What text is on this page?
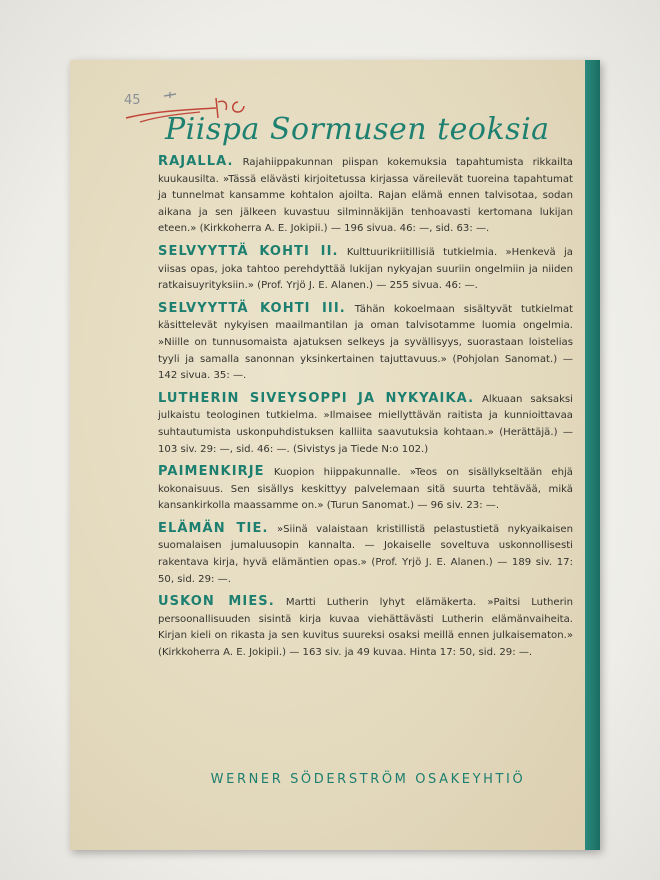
45
Piispa Sormusen teoksia

RAJALLA. Rajahiippakunnan piispan kokemuksia tapahtumista rikkailta kuukausilta. »Tässä elävästi kirjoitetussa kirjassa väreilevät tuoreina tapahtumat ja tunnelmat kansamme kohtalon ajoilta. Rajan elämä ennen talvisotaa, sodan aikana ja sen jälkeen kuvastuu silminnäkijän tenhoavasti kertomana lukijan eteen.» (Kirkkoherra A. E. Jokipii.) — 196 sivua. 46: —, sid. 63: —.

SELVYYTTÄ KOHTI II. Kulttuurikriitillisiä tutkielmia. »Henkevä ja viisas opas, joka tahtoo perehdyttää lukijan nykyajan suuriin ongelmiin ja niiden ratkaisuyrityksiin.» (Prof. Yrjö J. E. Alanen.) — 255 sivua. 46: —.

SELVYYTTÄ KOHTI III. Tähän kokoelmaan sisältyvät tutkielmat käsittelevät nykyisen maailmantilan ja oman talvisotamme luomia ongelmia. »Niille on tunnusomaista ajatuksen selkeys ja syvällisyys, suorastaan loistelias tyyli ja samalla sanonnan yksinkertainen tajuttavuus.» (Pohjolan Sanomat.) — 142 sivua. 35: —.

LUTHERIN SIVEYSOPPI JA NYKYAIKA. Alkuaan saksaksi julkaistu teologinen tutkielma. »Ilmaisee miellyttävän raitista ja kunnioittavaa suhtautumista uskonpuhdistuksen kalliita saavutuksia kohtaan.» (Herättäjä.) — 103 siv. 29: —, sid. 46: —. (Sivistys ja Tiede N:o 102.)

PAIMENKIRJE Kuopion hiippakunnalle. »Teos on sisällykseltään ehjä kokonaisuus. Sen sisällys keskittyy palvelemaan sitä suurta tehtävää, mikä kansankirkolla maassamme on.» (Turun Sanomat.) — 96 siv. 23: —.

ELÄMÄN TIE. »Siinä valaistaan kristillistä pelastustietä nykyaikaisen suomalaisen jumaluusopin kannalta. — Jokaiselle soveltuva uskonnollisesti rakentava kirja, hyvä elämäntien opas.» (Prof. Yrjö J. E. Alanen.) — 189 siv. 17: 50, sid. 29: —.

USKON MIES. Martti Lutherin lyhyt elämäkerta. »Paitsi Lutherin persoonallisuuden sisintä kirja kuvaa viehättävästi Lutherin elämänvaiheita. Kirjan kieli on rikasta ja sen kuvitus suureksi osaksi meillä ennen julkaisematon.» (Kirkkoherra A. E. Jokipii.) — 163 siv. ja 49 kuvaa. Hinta 17: 50, sid. 29: —.

WERNER SÖDERSTRÖM OSAKEYHTIÖ
